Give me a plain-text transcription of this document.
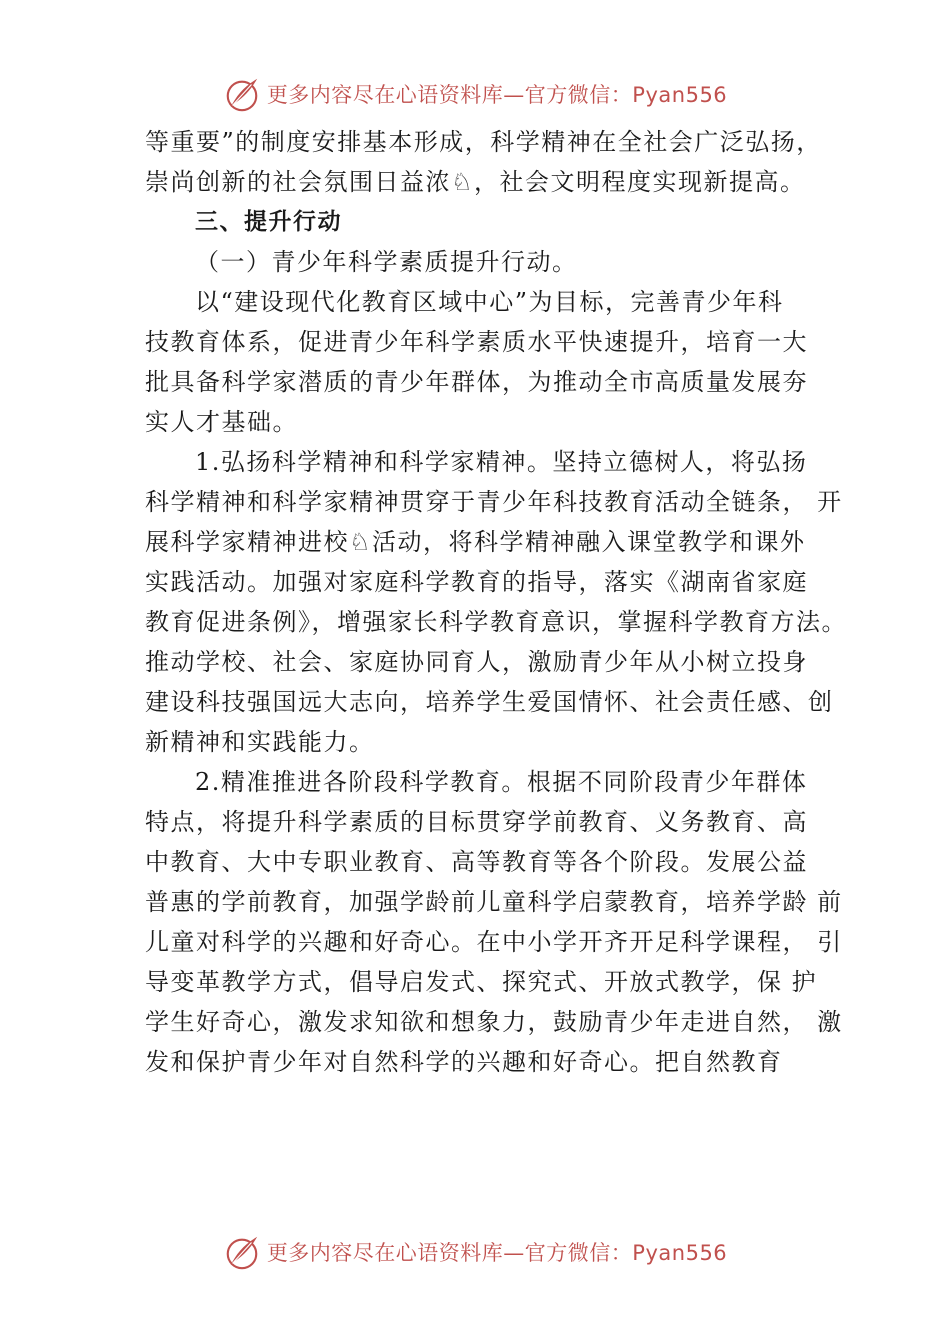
更多内容尽在心语资料库—官方微信：Pyan556
等重要”的制度安排基本形成，科学精神在全社会广泛弘扬，
崇尚创新的社会氛围日益浓♘，社会文明程度实现新提高。
三、提升行动
（一）青少年科学素质提升行动。
以“建设现代化教育区域中心”为目标，完善青少年科
技教育体系，促进青少年科学素质水平快速提升，培育一大
批具备科学家潜质的青少年群体，为推动全市高质量发展夯
实人才基础。
1.弘扬科学精神和科学家精神。坚持立德树人，将弘扬
科学精神和科学家精神贯穿于青少年科技教育活动全链条， 开
展科学家精神进校♘活动，将科学精神融入课堂教学和课外
实践活动。加强对家庭科学教育的指导，落实《湖南省家庭
教育促进条例》，增强家长科学教育意识，掌握科学教育方法。
推动学校、社会、家庭协同育人，激励青少年从小树立投身
建设科技强国远大志向，培养学生爱国情怀、社会责任感、创
新精神和实践能力。
2.精准推进各阶段科学教育。根据不同阶段青少年群体
特点，将提升科学素质的目标贯穿学前教育、义务教育、高
中教育、大中专职业教育、高等教育等各个阶段。发展公益
普惠的学前教育，加强学龄前儿童科学启蒙教育，培养学龄 前
儿童对科学的兴趣和好奇心。在中小学开齐开足科学课程， 引
导变革教学方式，倡导启发式、探究式、开放式教学，保 护
学生好奇心，激发求知欲和想象力，鼓励青少年走进自然， 激
发和保护青少年对自然科学的兴趣和好奇心。把自然教育
更多内容尽在心语资料库—官方微信：Pyan556
